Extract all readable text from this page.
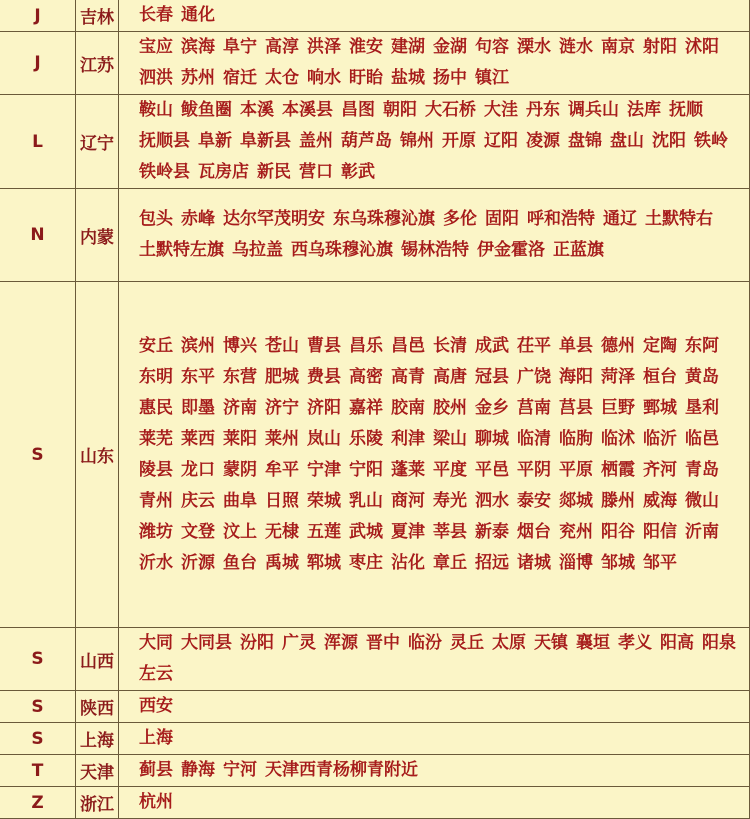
J	吉林	长春 通化
J	江苏	宝应 滨海 阜宁 高淳 洪泽 淮安 建湖 金湖 句容 溧水 涟水 南京 射阳 沭阳泗洪 苏州 宿迁 太仓 响水 盱眙 盐城 扬中 镇江
L	辽宁	鞍山 鲅鱼圈 本溪 本溪县 昌图 朝阳 大石桥 大洼 丹东 调兵山 法库 抚顺抚顺县 阜新 阜新县 盖州 葫芦岛 锦州 开原 辽阳 凌源 盘锦 盘山 沈阳 铁岭铁岭县 瓦房店 新民 营口 彰武
N	内蒙	包头 赤峰 达尔罕茂明安 东乌珠穆沁旗 多伦 固阳 呼和浩特 通辽 土默特右土默特左旗 乌拉盖 西乌珠穆沁旗 锡林浩特 伊金霍洛 正蓝旗
S	山东	安丘 滨州 博兴 苍山 曹县 昌乐 昌邑 长清 成武 茌平 单县 德州 定陶 东阿东明 东平 东营 肥城 费县 高密 高青 高唐 冠县 广饶 海阳 菏泽 桓台 黄岛惠民 即墨 济南 济宁 济阳 嘉祥 胶南 胶州 金乡 莒南 莒县 巨野 鄄城 垦利莱芜 莱西 莱阳 莱州 岚山 乐陵 利津 梁山 聊城 临清 临朐 临沭 临沂 临邑陵县 龙口 蒙阴 牟平 宁津 宁阳 蓬莱 平度 平邑 平阴 平原 栖霞 齐河 青岛青州 庆云 曲阜 日照 荣城 乳山 商河 寿光 泗水 泰安 郯城 滕州 威海 微山潍坊 文登 汶上 无棣 五莲 武城 夏津 莘县 新泰 烟台 兖州 阳谷 阳信 沂南沂水 沂源 鱼台 禹城 郓城 枣庄 沾化 章丘 招远 诸城 淄博 邹城 邹平
S	山西	大同 大同县 汾阳 广灵 浑源 晋中 临汾 灵丘 太原 天镇 襄垣 孝义 阳高 阳泉左云
S	陕西	西安
S	上海	上海
T	天津	蓟县 静海 宁河 天津西青杨柳青附近
Z	浙江	杭州
